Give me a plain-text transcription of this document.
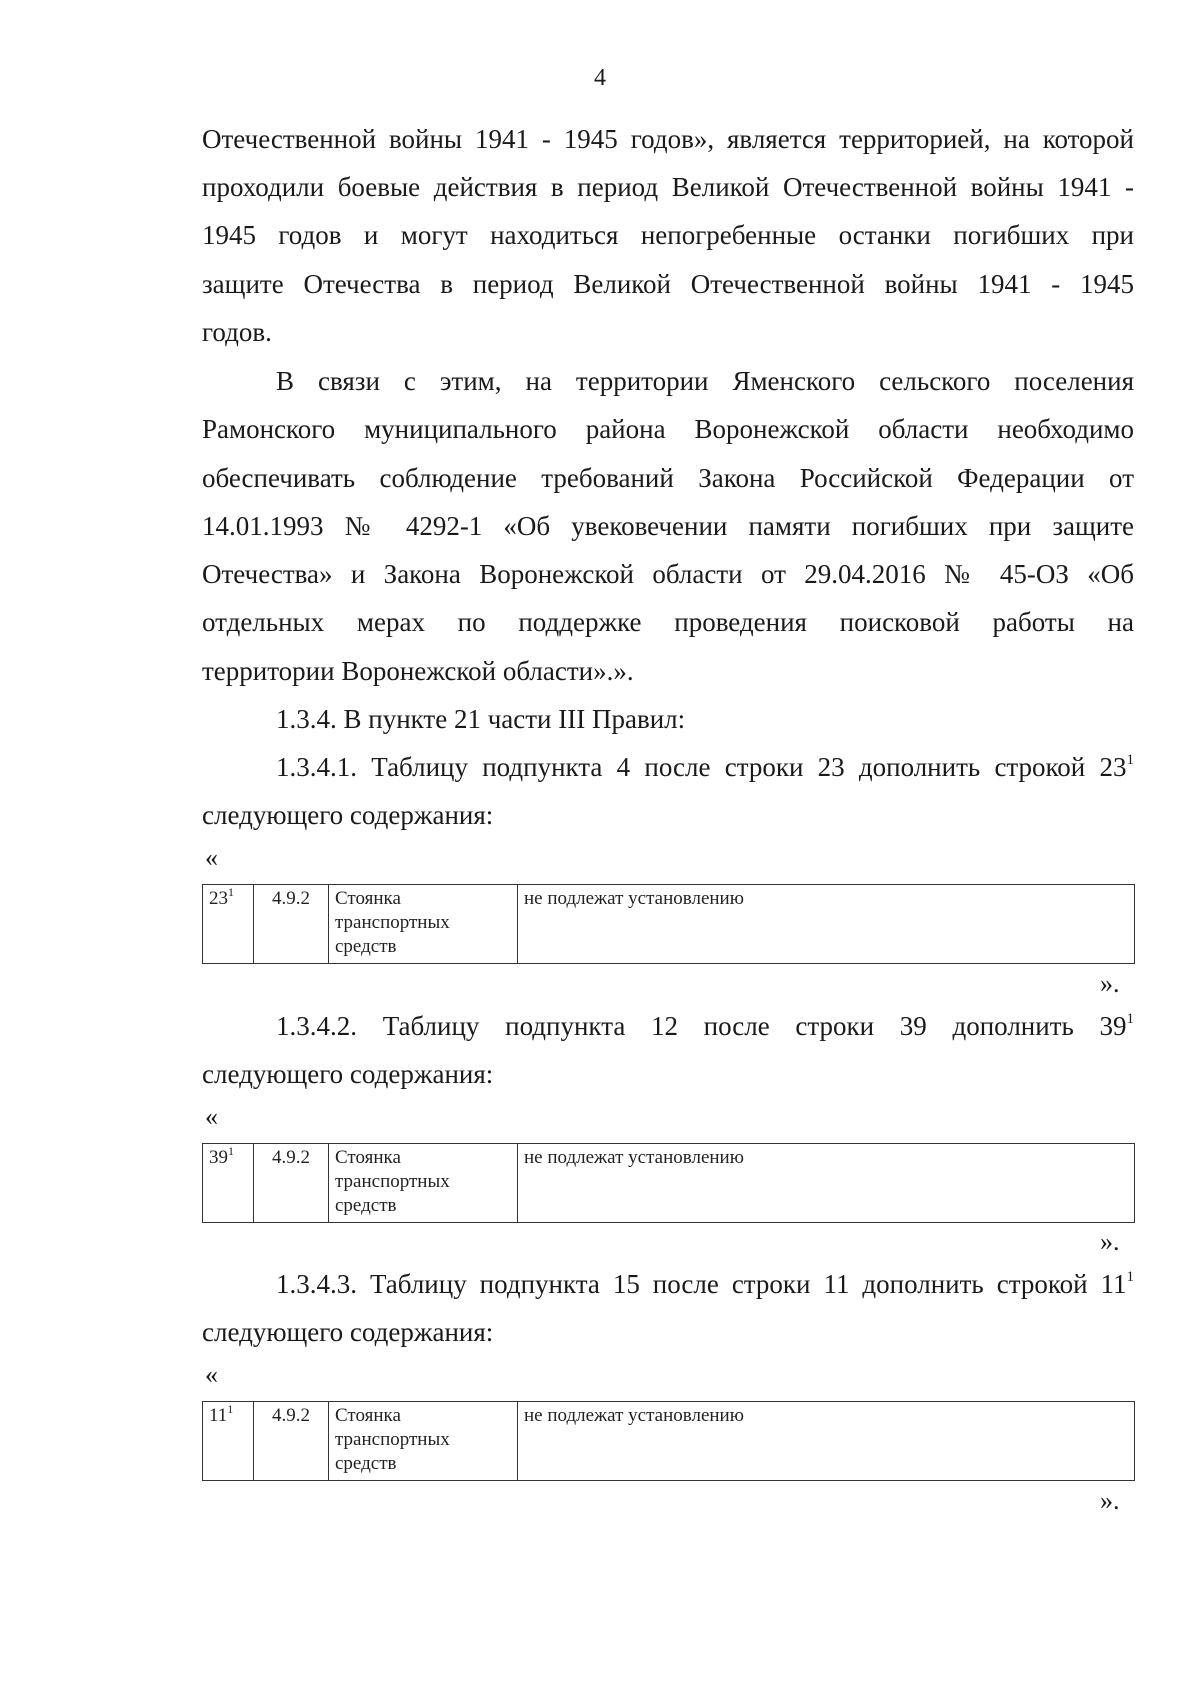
4
Отечественной войны 1941 - 1945 годов», является территорией, на которой
проходили боевые действия в период Великой Отечественной войны 1941 -
1945 годов и могут находиться непогребенные останки погибших при
защите Отечества в период Великой Отечественной войны 1941 - 1945
годов.
В связи с этим, на территории Яменского сельского поселения
Рамонского муниципального района Воронежской области необходимо
обеспечивать соблюдение требований Закона Российской Федерации от
14.01.1993 № 4292-1 «Об увековечении памяти погибших при защите
Отечества» и Закона Воронежской области от 29.04.2016 № 45-ОЗ «Об
отдельных мерах по поддержке проведения поисковой работы на
территории Воронежской области».».
1.3.4. В пункте 21 части III Правил:
1.3.4.1. Таблицу подпункта 4 после строки 23 дополнить строкой $23^1$
следующего содержания:
«
$23^1$	4.9.2	Стоянка транспортных средств	не подлежат установлению
».
1.3.4.2. Таблицу подпункта 12 после строки 39 дополнить $39^1$
следующего содержания:
«
$39^1$	4.9.2	Стоянка транспортных средств	не подлежат установлению
».
1.3.4.3. Таблицу подпункта 15 после строки 11 дополнить строкой $11^1$
следующего содержания:
«
$11^1$	4.9.2	Стоянка транспортных средств	не подлежат установлению
».
